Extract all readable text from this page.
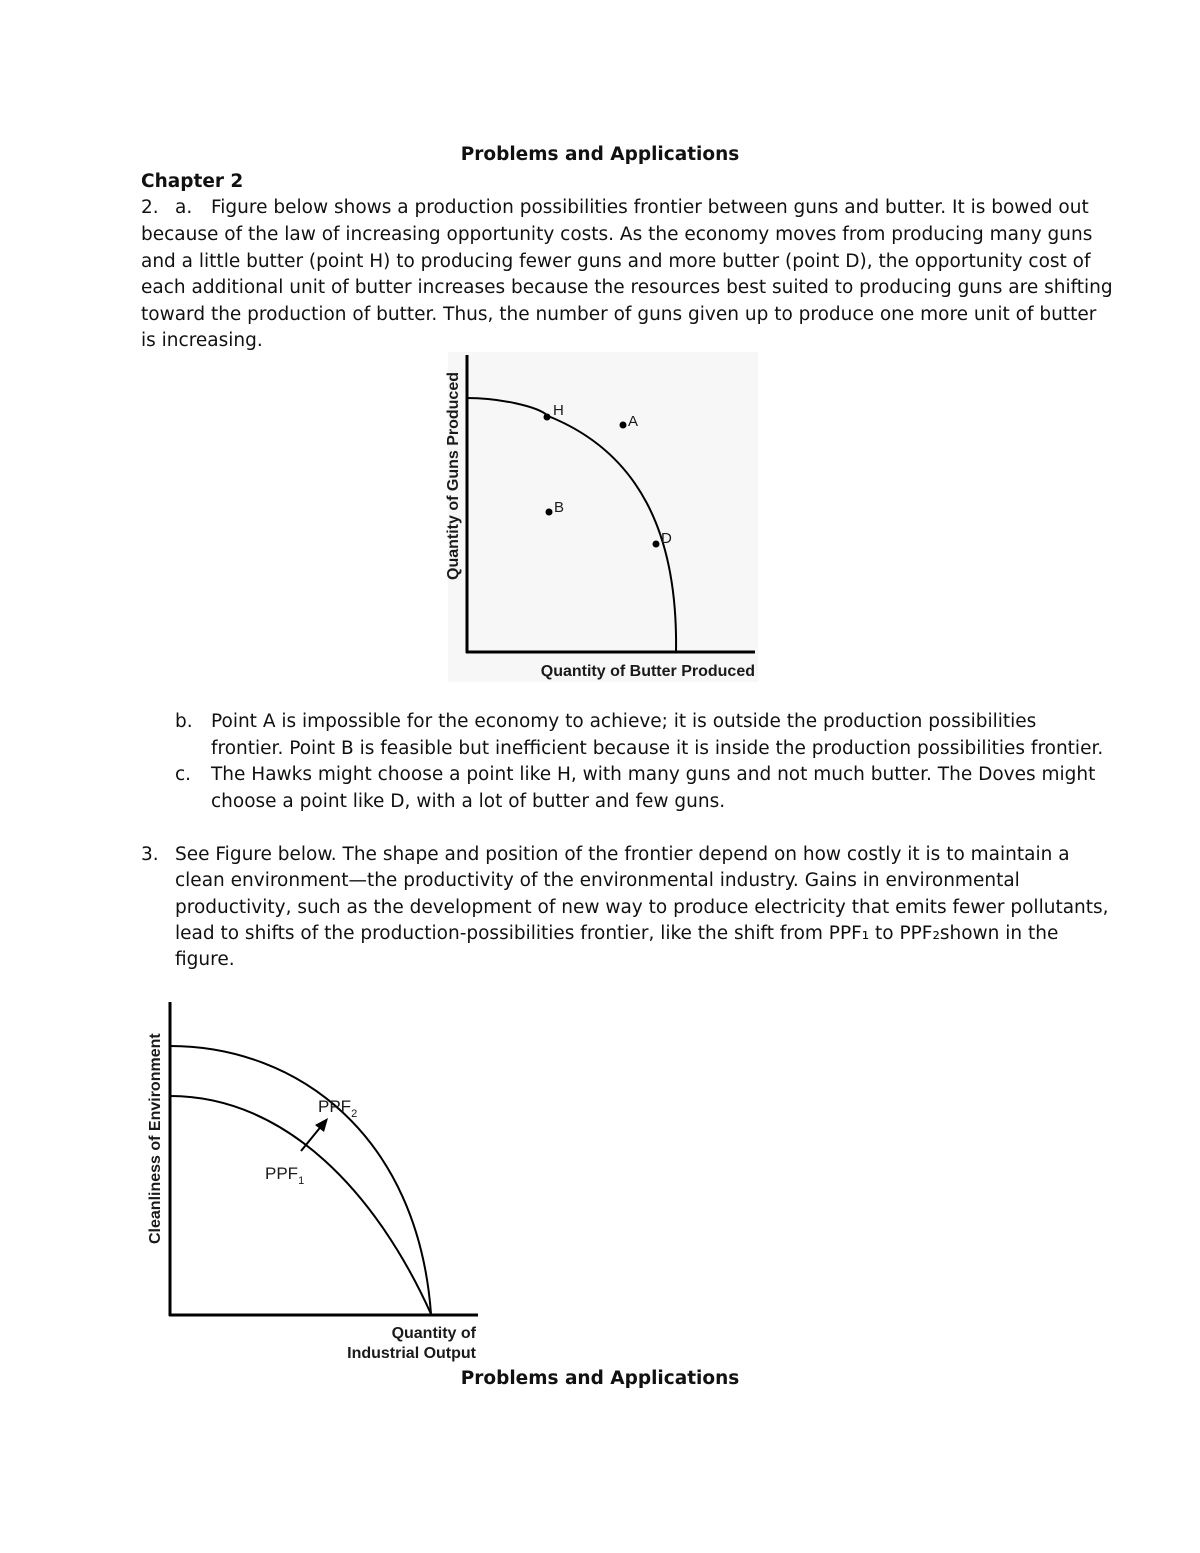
Problems and Applications
Chapter 2
2. a. Figure below shows a production possibilities frontier between guns and butter. It is bowed out
because of the law of increasing opportunity costs. As the economy moves from producing many guns
and a little butter (point H) to producing fewer guns and more butter (point D), the opportunity cost of
each additional unit of butter increases because the resources best suited to producing guns are shifting
toward the production of butter. Thus, the number of guns given up to produce one more unit of butter
is increasing.
H
A
B
D
Quantity of Guns Produced
Quantity of Butter Produced
b. Point A is impossible for the economy to achieve; it is outside the production possibilities
frontier. Point B is feasible but inefficient because it is inside the production possibilities frontier.
c. The Hawks might choose a point like H, with many guns and not much butter. The Doves might
choose a point like D, with a lot of butter and few guns.
3. See Figure below. The shape and position of the frontier depend on how costly it is to maintain a
clean environment—the productivity of the environmental industry. Gains in environmental
productivity, such as the development of new way to produce electricity that emits fewer pollutants,
lead to shifts of the production-possibilities frontier, like the shift from PPF₁ to PPF₂shown in the
figure.
$PPF_2$
$PPF_1$
Cleanliness of Environment
Quantity of
Industrial Output
Problems and Applications
